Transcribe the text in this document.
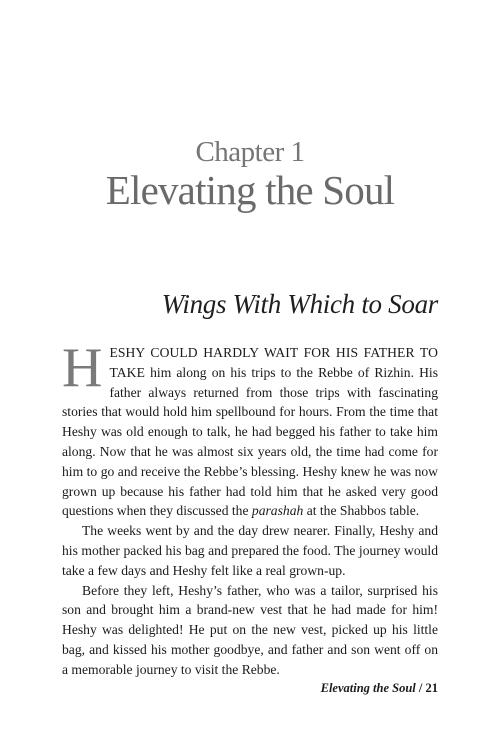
Chapter 1
Elevating the Soul
Wings With Which to Soar

HESHY COULD HARDLY WAIT FOR HIS FATHER TO TAKE him along on his trips to the Rebbe of Rizhin. His father always returned from those trips with fascinating stories that would hold him spellbound for hours. From the time that Heshy was old enough to talk, he had begged his father to take him along. Now that he was almost six years old, the time had come for him to go and receive the Rebbe’s blessing. Heshy knew he was now grown up because his father had told him that he asked very good questions when they discussed the parashah at the Shabbos table.

The weeks went by and the day drew nearer. Finally, Heshy and his mother packed his bag and prepared the food. The journey would take a few days and Heshy felt like a real grown-up.

Before they left, Heshy’s father, who was a tailor, surprised his son and brought him a brand-new vest that he had made for him! Heshy was delighted! He put on the new vest, picked up his little bag, and kissed his mother goodbye, and father and son went off on a memorable journey to visit the Rebbe.

Elevating the Soul / 21
